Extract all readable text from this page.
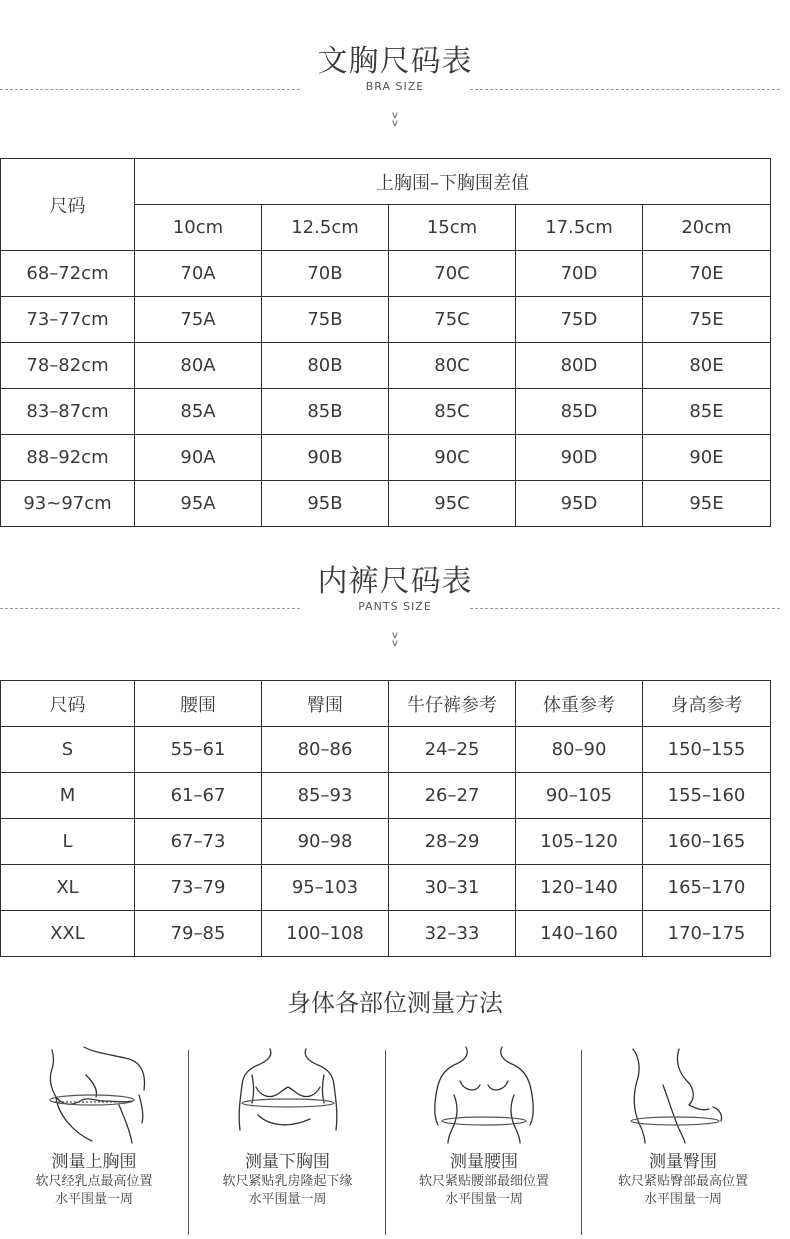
文胸尺码表
BRA SIZE
v
v
尺码	上胸围–下胸围差值				
	10cm	12.5cm	15cm	17.5cm	20cm
68–72cm	70A	70B	70C	70D	70E
73–77cm	75A	75B	75C	75D	75E
78–82cm	80A	80B	80C	80D	80E
83–87cm	85A	85B	85C	85D	85E
88–92cm	90A	90B	90C	90D	90E
93~97cm	95A	95B	95C	95D	95E
内裤尺码表
PANTS SIZE
v
v
尺码	腰围	臀围	牛仔裤参考	体重参考	身高参考
S	55–61	80–86	24–25	80–90	150–155
M	61–67	85–93	26–27	90–105	155–160
L	67–73	90–98	28–29	105–120	160–165
XL	73–79	95–103	30–31	120–140	165–170
XXL	79–85	100–108	32–33	140–160	170–175
身体各部位测量方法
测量上胸围
软尺经乳点最高位置
水平围量一周
测量下胸围
软尺紧贴乳房隆起下缘
水平围量一周
测量腰围
软尺紧贴腰部最细位置
水平围量一周
测量臀围
软尺紧贴臀部最高位置
水平围量一周
